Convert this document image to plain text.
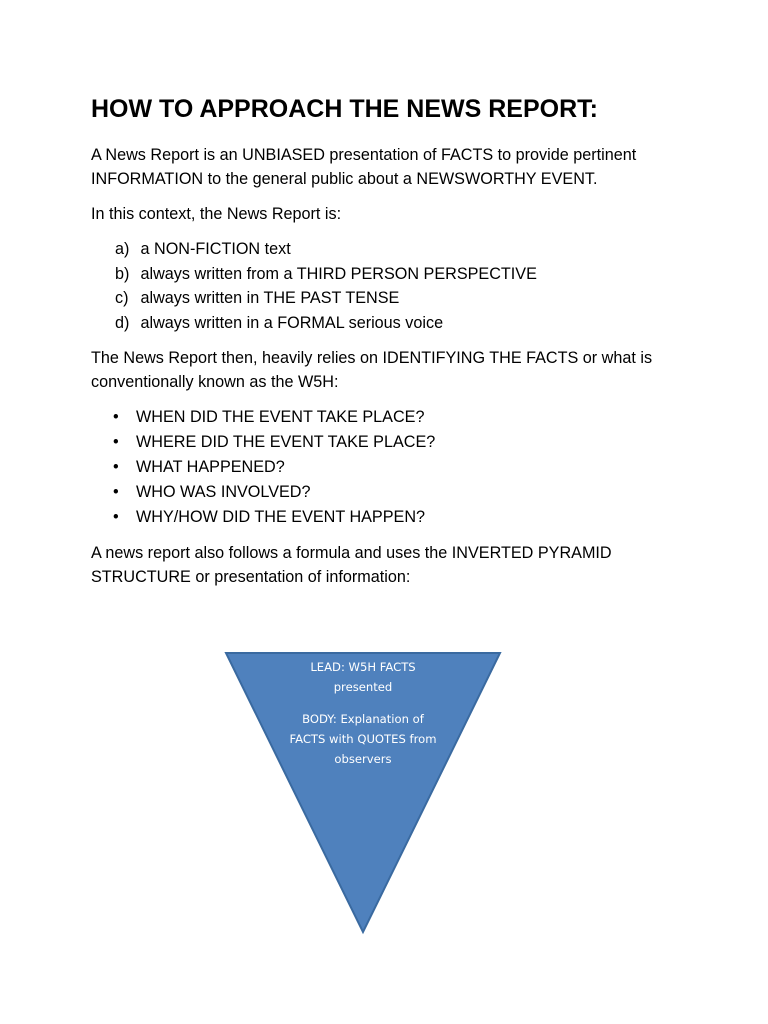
HOW TO APPROACH THE NEWS REPORT:

A News Report is an UNBIASED presentation of FACTS to provide pertinent INFORMATION to the general public about a NEWSWORTHY EVENT.

In this context, the News Report is:

a) a NON-FICTION text
b) always written from a THIRD PERSON PERSPECTIVE
c) always written in THE PAST TENSE
d) always written in a FORMAL serious voice

The News Report then, heavily relies on IDENTIFYING THE FACTS or what is conventionally known as the W5H:

•	WHEN DID THE EVENT TAKE PLACE?
•	WHERE DID THE EVENT TAKE PLACE?
•	WHAT HAPPENED?
•	WHO WAS INVOLVED?
•	WHY/HOW DID THE EVENT HAPPEN?

A news report also follows a formula and uses the INVERTED PYRAMID STRUCTURE or presentation of information:

LEAD: W5H FACTS presented

BODY: Explanation of FACTS with QUOTES from observers
